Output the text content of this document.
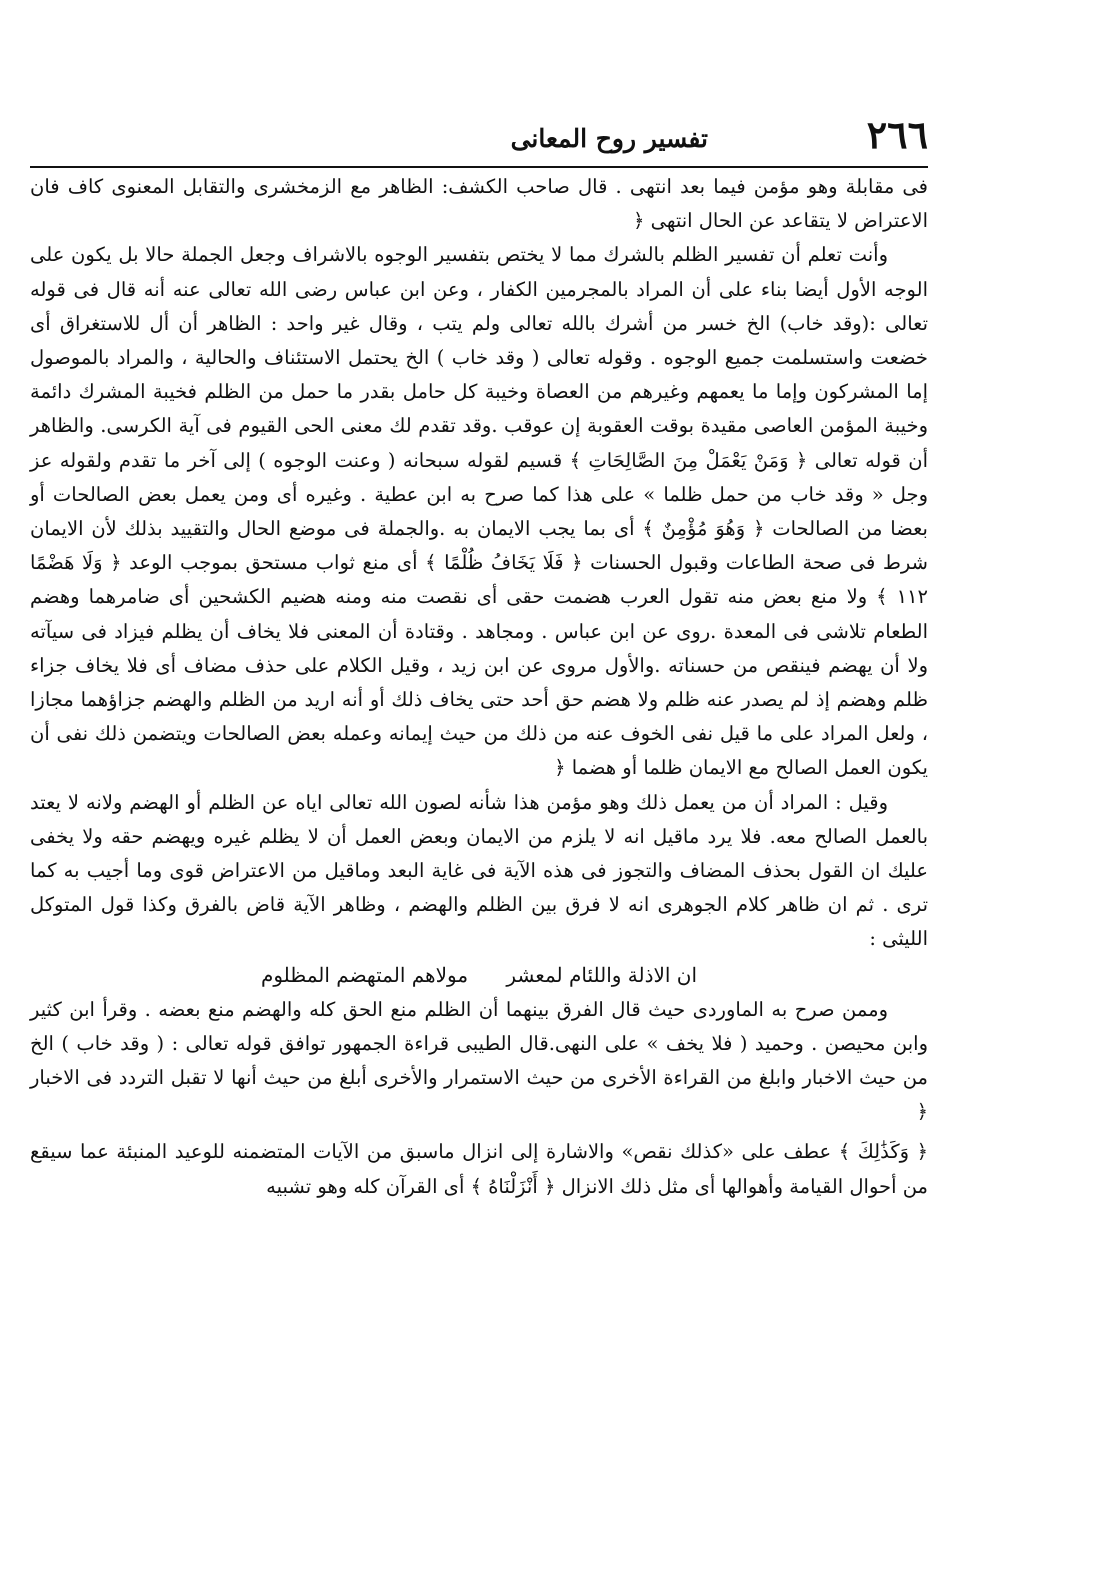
٢٦٦
تفسير روح المعانى

فى مقابلة وهو مؤمن فيما بعد انتهى . قال صاحب الكشف: الظاهر مع الزمخشرى والتقابل المعنوى كاف فان الاعتراض لا يتقاعد عن الحال انتهى ﴿

وأنت تعلم أن تفسير الظلم بالشرك مما لا يختص بتفسير الوجوه بالاشراف وجعل الجملة حالا بل يكون على الوجه الأول أيضا بناء على أن المراد بالمجرمين الكفار ، وعن ابن عباس رضى الله تعالى عنه أنه قال فى قوله تعالى :(وقد خاب) الخ خسر من أشرك بالله تعالى ولم يتب ، وقال غير واحد : الظاهر أن أل للاستغراق أى خضعت واستسلمت جميع الوجوه . وقوله تعالى ( وقد خاب ) الخ يحتمل الاستئناف والحالية ، والمراد بالموصول إما المشركون وإما ما يعمهم وغيرهم من العصاة وخيبة كل حامل بقدر ما حمل من الظلم فخيبة المشرك دائمة وخيبة المؤمن العاصى مقيدة بوقت العقوبة إن عوقب .وقد تقدم لك معنى الحى القيوم فى آية الكرسى. والظاهر أن قوله تعالى ﴿ وَمَنْ يَعْمَلْ مِنَ الصَّالِحَاتِ ﴾ قسيم لقوله سبحانه ( وعنت الوجوه ) إلى آخر ما تقدم ولقوله عز وجل « وقد خاب من حمل ظلما » على هذا كما صرح به ابن عطية . وغيره أى ومن يعمل بعض الصالحات أو بعضا من الصالحات ﴿ وَهُوَ مُؤْمِنٌ ﴾ أى بما يجب الايمان به .والجملة فى موضع الحال والتقييد بذلك لأن الايمان شرط فى صحة الطاعات وقبول الحسنات ﴿ فَلَا يَخَافُ ظُلْمًا ﴾ أى منع ثواب مستحق بموجب الوعد ﴿ وَلَا هَضْمًا ١١٢ ﴾ ولا منع بعض منه تقول العرب هضمت حقى أى نقصت منه ومنه هضيم الكشحين أى ضامرهما وهضم الطعام تلاشى فى المعدة .روى عن ابن عباس . ومجاهد . وقتادة أن المعنى فلا يخاف أن يظلم فيزاد فى سيآته ولا أن يهضم فينقص من حسناته .والأول مروى عن ابن زيد ، وقيل الكلام على حذف مضاف أى فلا يخاف جزاء ظلم وهضم إذ لم يصدر عنه ظلم ولا هضم حق أحد حتى يخاف ذلك أو أنه اريد من الظلم والهضم جزاؤهما مجازا ، ولعل المراد على ما قيل نفى الخوف عنه من ذلك من حيث إيمانه وعمله بعض الصالحات ويتضمن ذلك نفى أن يكون العمل الصالح مع الايمان ظلما أو هضما ﴿

وقيل : المراد أن من يعمل ذلك وهو مؤمن هذا شأنه لصون الله تعالى اياه عن الظلم أو الهضم ولانه لا يعتد بالعمل الصالح معه. فلا يرد ماقيل انه لا يلزم من الايمان وبعض العمل أن لا يظلم غيره ويهضم حقه ولا يخفى عليك ان القول بحذف المضاف والتجوز فى هذه الآية فى غاية البعد وماقيل من الاعتراض قوى وما أجيب به كما ترى . ثم ان ظاهر كلام الجوهرى انه لا فرق بين الظلم والهضم ، وظاهر الآية قاض بالفرق وكذا قول المتوكل الليثى :

ان الاذلة واللئام لمعشر مولاهم المتهضم المظلوم

وممن صرح به الماوردى حيث قال الفرق بينهما أن الظلم منع الحق كله والهضم منع بعضه . وقرأ ابن كثير وابن محيصن . وحميد ( فلا يخف » على النهى.قال الطيبى قراءة الجمهور توافق قوله تعالى : ( وقد خاب ) الخ من حيث الاخبار وابلغ من القراءة الأخرى من حيث الاستمرار والأخرى أبلغ من حيث أنها لا تقبل التردد فى الاخبار ﴿

﴿ وَكَذَٰلِكَ ﴾ عطف على «كذلك نقص» والاشارة إلى انزال ماسبق من الآيات المتضمنه للوعيد المنبئة عما سيقع من أحوال القيامة وأهوالها أى مثل ذلك الانزال ﴿ أَنْزَلْنَاهُ ﴾ أى القرآن كله وهو تشبيه
